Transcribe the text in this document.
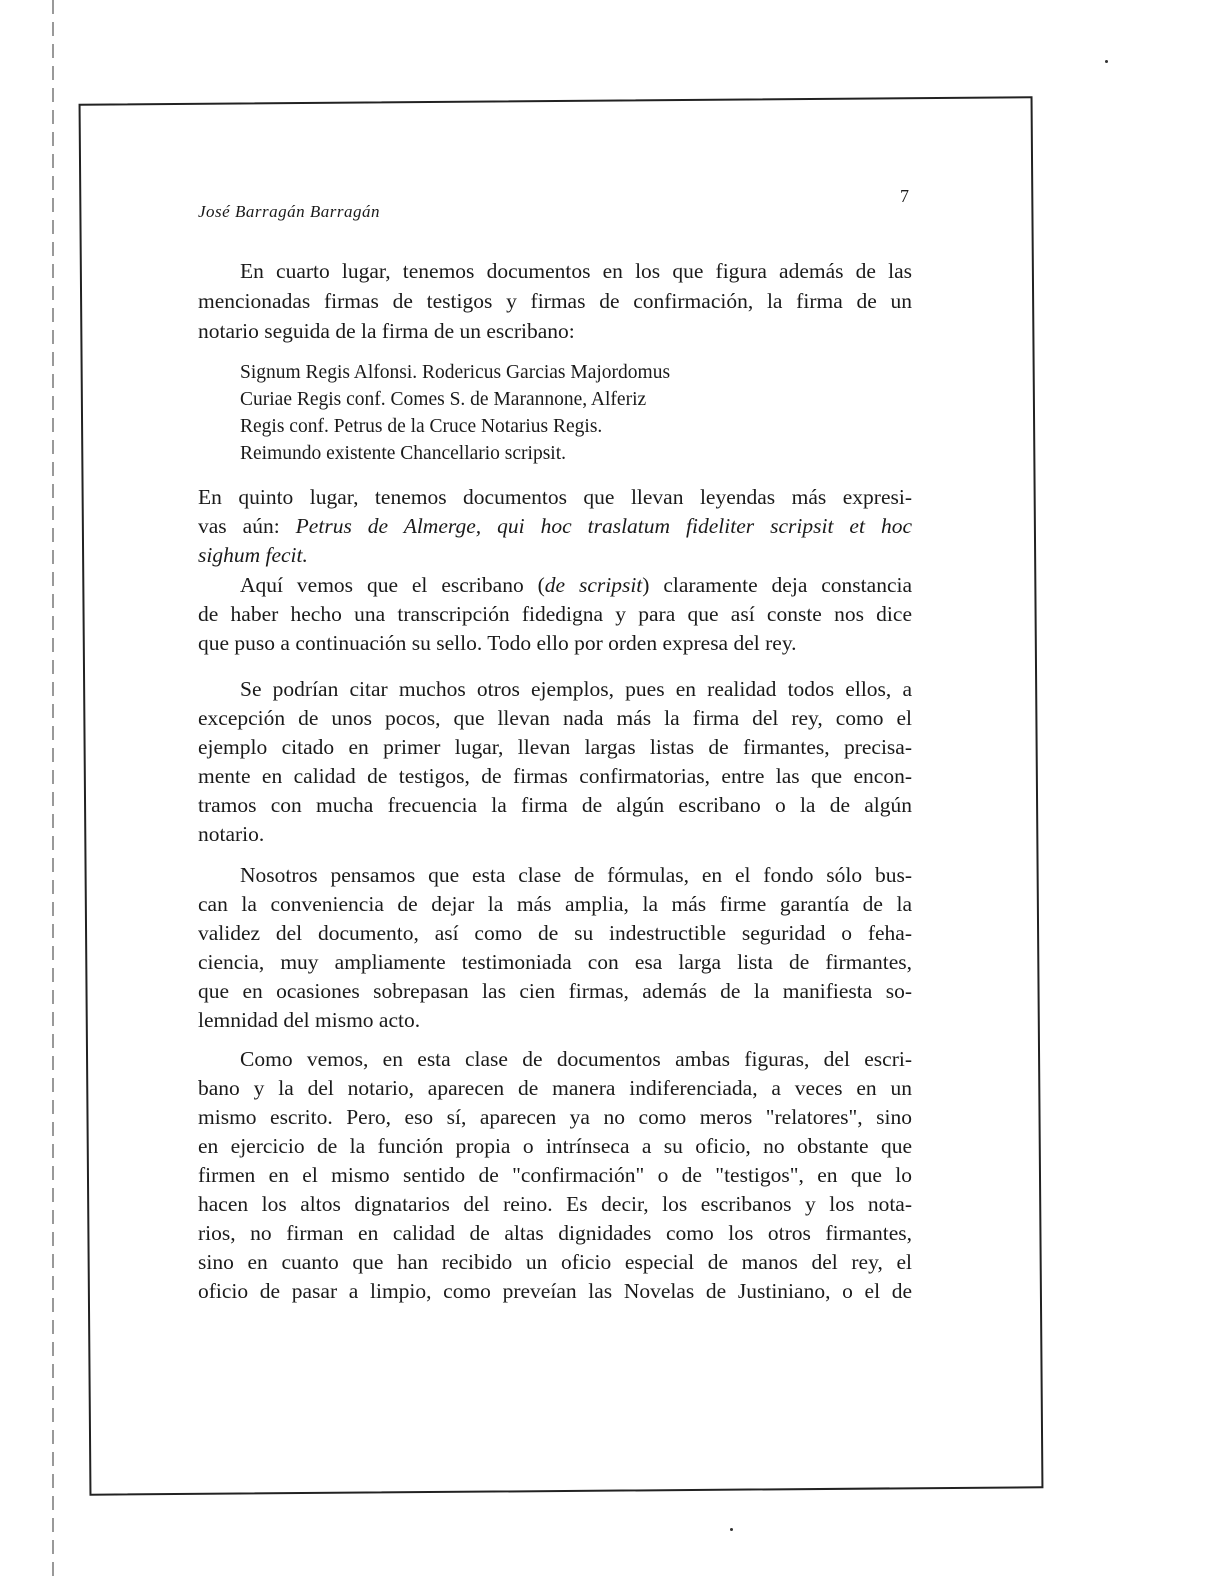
José Barragán Barragán
7
En cuarto lugar, tenemos documentos en los que figura además de las
mencionadas firmas de testigos y firmas de confirmación, la firma de un
notario seguida de la firma de un escribano:
Signum Regis Alfonsi. Rodericus Garcias Majordomus
Curiae Regis conf. Comes S. de Marannone, Alferiz
Regis conf. Petrus de la Cruce Notarius Regis.
Reimundo existente Chancellario scripsit.
En quinto lugar, tenemos documentos que llevan leyendas más expresi-
vas aún: Petrus de Almerge, qui hoc traslatum fideliter scripsit et hoc
sighum fecit.
Aquí vemos que el escribano (de scripsit) claramente deja constancia
de haber hecho una transcripción fidedigna y para que así conste nos dice
que puso a continuación su sello. Todo ello por orden expresa del rey.
Se podrían citar muchos otros ejemplos, pues en realidad todos ellos, a
excepción de unos pocos, que llevan nada más la firma del rey, como el
ejemplo citado en primer lugar, llevan largas listas de firmantes, precisa-
mente en calidad de testigos, de firmas confirmatorias, entre las que encon-
tramos con mucha frecuencia la firma de algún escribano o la de algún
notario.
Nosotros pensamos que esta clase de fórmulas, en el fondo sólo bus-
can la conveniencia de dejar la más amplia, la más firme garantía de la
validez del documento, así como de su indestructible seguridad o feha-
ciencia, muy ampliamente testimoniada con esa larga lista de firmantes,
que en ocasiones sobrepasan las cien firmas, además de la manifiesta so-
lemnidad del mismo acto.
Como vemos, en esta clase de documentos ambas figuras, del escri-
bano y la del notario, aparecen de manera indiferenciada, a veces en un
mismo escrito. Pero, eso sí, aparecen ya no como meros "relatores", sino
en ejercicio de la función propia o intrínseca a su oficio, no obstante que
firmen en el mismo sentido de "confirmación" o de "testigos", en que lo
hacen los altos dignatarios del reino. Es decir, los escribanos y los nota-
rios, no firman en calidad de altas dignidades como los otros firmantes,
sino en cuanto que han recibido un oficio especial de manos del rey, el
oficio de pasar a limpio, como preveían las Novelas de Justiniano, o el de
